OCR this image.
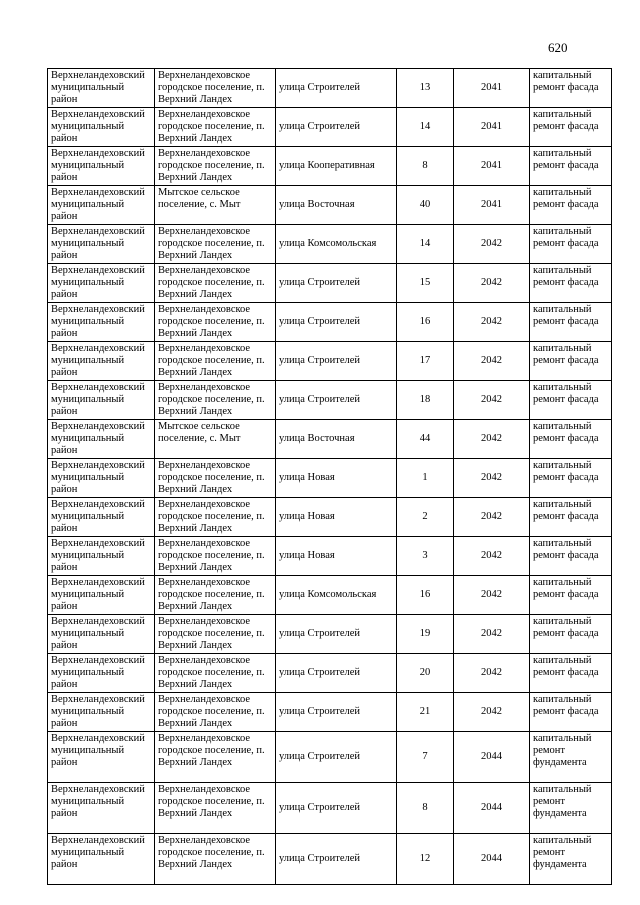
620
Верхнеландеховский муниципальный район	Верхнеландеховское городское поселение, п. Верхний Ландех	улица Строителей	13	2041	капитальный ремонт фасада
Верхнеландеховский муниципальный район	Верхнеландеховское городское поселение, п. Верхний Ландех	улица Строителей	14	2041	капитальный ремонт фасада
Верхнеландеховский муниципальный район	Верхнеландеховское городское поселение, п. Верхний Ландех	улица Кооперативная	8	2041	капитальный ремонт фасада
Верхнеландеховский муниципальный район	Мытское сельское поселение, с. Мыт	улица Восточная	40	2041	капитальный ремонт фасада
Верхнеландеховский муниципальный район	Верхнеландеховское городское поселение, п. Верхний Ландех	улица Комсомольская	14	2042	капитальный ремонт фасада
Верхнеландеховский муниципальный район	Верхнеландеховское городское поселение, п. Верхний Ландех	улица Строителей	15	2042	капитальный ремонт фасада
Верхнеландеховский муниципальный район	Верхнеландеховское городское поселение, п. Верхний Ландех	улица Строителей	16	2042	капитальный ремонт фасада
Верхнеландеховский муниципальный район	Верхнеландеховское городское поселение, п. Верхний Ландех	улица Строителей	17	2042	капитальный ремонт фасада
Верхнеландеховский муниципальный район	Верхнеландеховское городское поселение, п. Верхний Ландех	улица Строителей	18	2042	капитальный ремонт фасада
Верхнеландеховский муниципальный район	Мытское сельское поселение, с. Мыт	улица Восточная	44	2042	капитальный ремонт фасада
Верхнеландеховский муниципальный район	Верхнеландеховское городское поселение, п. Верхний Ландех	улица Новая	1	2042	капитальный ремонт фасада
Верхнеландеховский муниципальный район	Верхнеландеховское городское поселение, п. Верхний Ландех	улица Новая	2	2042	капитальный ремонт фасада
Верхнеландеховский муниципальный район	Верхнеландеховское городское поселение, п. Верхний Ландех	улица Новая	3	2042	капитальный ремонт фасада
Верхнеландеховский муниципальный район	Верхнеландеховское городское поселение, п. Верхний Ландех	улица Комсомольская	16	2042	капитальный ремонт фасада
Верхнеландеховский муниципальный район	Верхнеландеховское городское поселение, п. Верхний Ландех	улица Строителей	19	2042	капитальный ремонт фасада
Верхнеландеховский муниципальный район	Верхнеландеховское городское поселение, п. Верхний Ландех	улица Строителей	20	2042	капитальный ремонт фасада
Верхнеландеховский муниципальный район	Верхнеландеховское городское поселение, п. Верхний Ландех	улица Строителей	21	2042	капитальный ремонт фасада
Верхнеландеховский муниципальный район	Верхнеландеховское городское поселение, п. Верхний Ландех	улица Строителей	7	2044	капитальный ремонт фундамента
Верхнеландеховский муниципальный район	Верхнеландеховское городское поселение, п. Верхний Ландех	улица Строителей	8	2044	капитальный ремонт фундамента
Верхнеландеховский муниципальный район	Верхнеландеховское городское поселение, п. Верхний Ландех	улица Строителей	12	2044	капитальный ремонт фундамента
